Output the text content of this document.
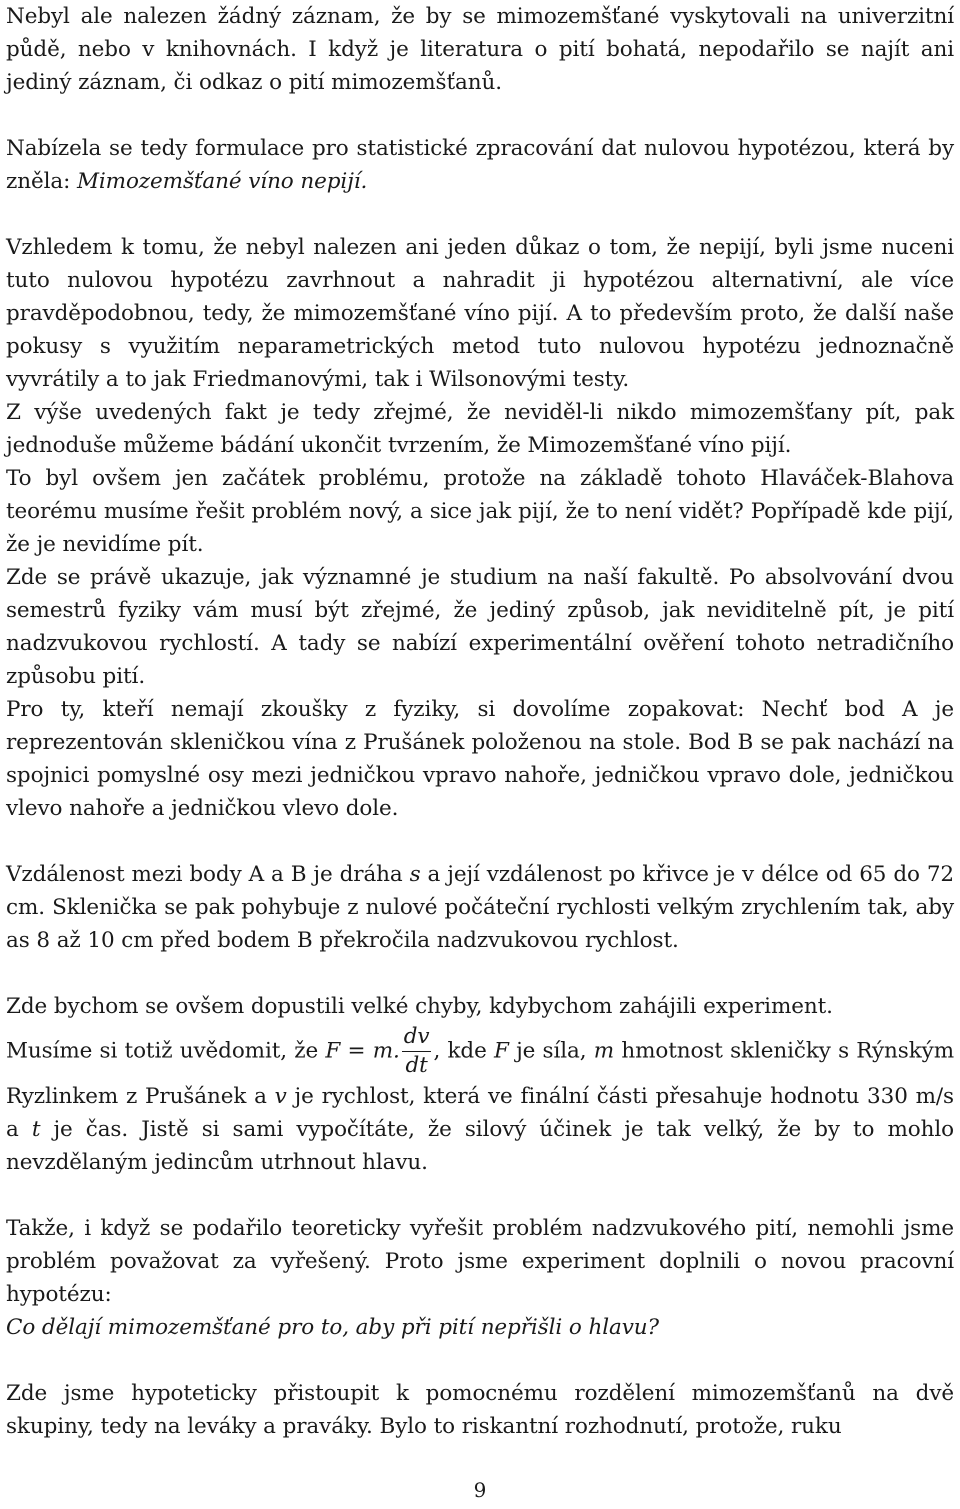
Nebyl ale nalezen žádný záznam, že by se mimozemšťané vyskytovali na univerzitní půdě, nebo v knihovnách. I když je literatura o pití bohatá, nepodařilo se najít ani jediný záznam, či odkaz o pití mimozemšťanů.

Nabízela se tedy formulace pro statistické zpracování dat nulovou hypotézou, která by zněla: Mimozemšťané víno nepijí.

Vzhledem k tomu, že nebyl nalezen ani jeden důkaz o tom, že nepijí, byli jsme nuceni tuto nulovou hypotézu zavrhnout a nahradit ji hypotézou alternativní, ale více pravděpodobnou, tedy, že mimozemšťané víno pijí. A to především proto, že další naše pokusy s využitím neparametrických metod tuto nulovou hypotézu jednoznačně vyvrátily a to jak Friedmanovými, tak i Wilsonovými testy.

Z výše uvedených fakt je tedy zřejmé, že neviděl-li nikdo mimozemšťany pít, pak jednoduše můžeme bádání ukončit tvrzením, že Mimozemšťané víno pijí.

To byl ovšem jen začátek problému, protože na základě tohoto Hlaváček-Blahova teorému musíme řešit problém nový, a sice jak pijí, že to není vidět? Popřípadě kde pijí, že je nevidíme pít.

Zde se právě ukazuje, jak významné je studium na naší fakultě. Po absolvování dvou semestrů fyziky vám musí být zřejmé, že jediný způsob, jak neviditelně pít, je pití nadzvukovou rychlostí. A tady se nabízí experimentální ověření tohoto netradičního způsobu pití.

Pro ty, kteří nemají zkoušky z fyziky, si dovolíme zopakovat: Nechť bod A je reprezentován skleničkou vína z Prušánek položenou na stole. Bod B se pak nachází na spojnici pomyslné osy mezi jedničkou vpravo nahoře, jedničkou vpravo dole, jedničkou vlevo nahoře a jedničkou vlevo dole.

Vzdálenost mezi body A a B je dráha s a její vzdálenost po křivce je v délce od 65 do 72 cm. Sklenička se pak pohybuje z nulové počáteční rychlosti velkým zrychlením tak, aby as 8 až 10 cm před bodem B překročila nadzvukovou rychlost.

Zde bychom se ovšem dopustili velké chyby, kdybychom zahájili experiment.

Musíme si totiž uvědomit, že F = m. $\frac{dv}{dt}$ , kde F je síla, m hmotnost skleničky s Rýnským Ryzlinkem z Prušánek a v je rychlost, která ve finální části přesahuje hodnotu 330 m/s a t je čas. Jistě si sami vypočítáte, že silový účinek je tak velký, že by to mohlo nevzdělaným jedincům utrhnout hlavu.

Takže, i když se podařilo teoreticky vyřešit problém nadzvukového pití, nemohli jsme problém považovat za vyřešený. Proto jsme experiment doplnili o novou pracovní hypotézu:

Co dělají mimozemšťané pro to, aby při pití nepřišli o hlavu?

Zde jsme hypoteticky přistoupit k pomocnému rozdělení mimozemšťanů na dvě skupiny, tedy na leváky a praváky. Bylo to riskantní rozhodnutí, protože, ruku

9
